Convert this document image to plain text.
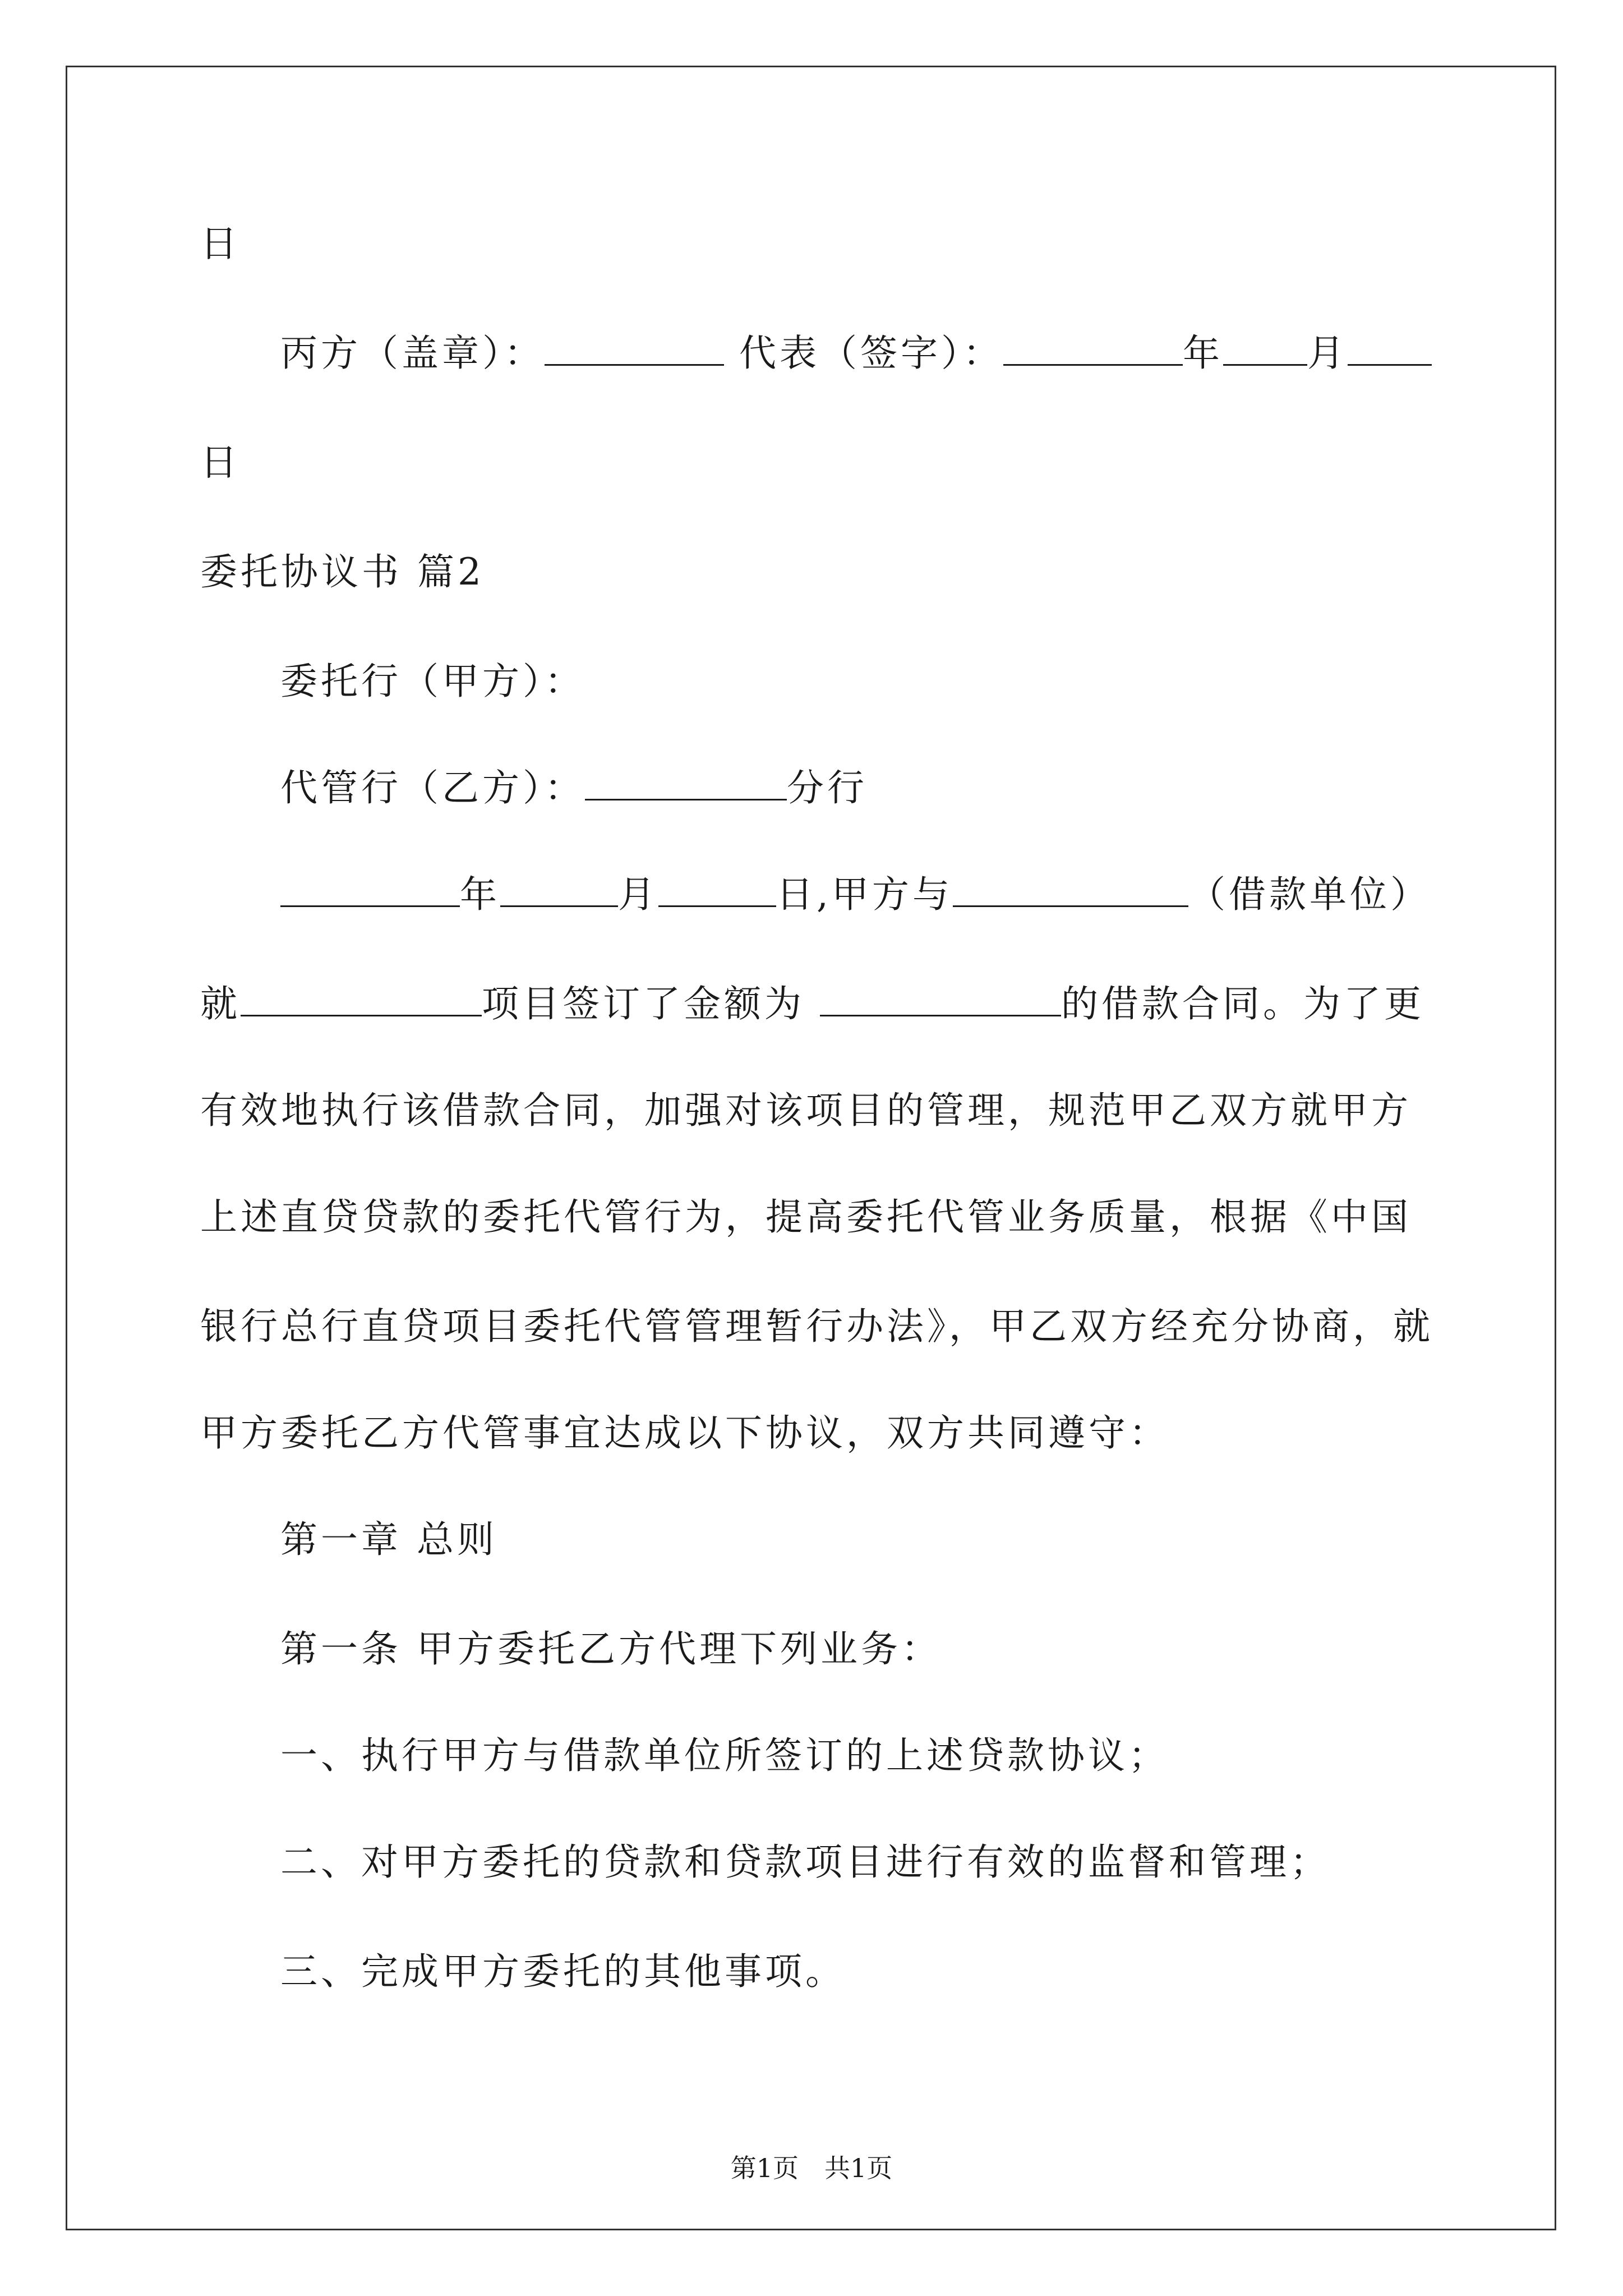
日
丙方（盖章）：	代表（签字）：	年 月
日
委托协议书 篇2
委托行（甲方）：
代管行（乙方）：	分行
年	月	日,甲方与	（借款单位）
就	项目签订了金额为	的借款合同。为了更
有效地执行该借款合同，加强对该项目的管理，规范甲乙双方就甲方
上述直贷贷款的委托代管行为，提高委托代管业务质量，根据《中国
银行总行直贷项目委托代管管理暂行办法》，甲乙双方经充分协商，就
甲方委托乙方代管事宜达成以下协议，双方共同遵守：
第一章 总则
第一条 甲方委托乙方代理下列业务：
一、执行甲方与借款单位所签订的上述贷款协议；
二、对甲方委托的贷款和贷款项目进行有效的监督和管理；
三、完成甲方委托的其他事项。
第1页　共1页
